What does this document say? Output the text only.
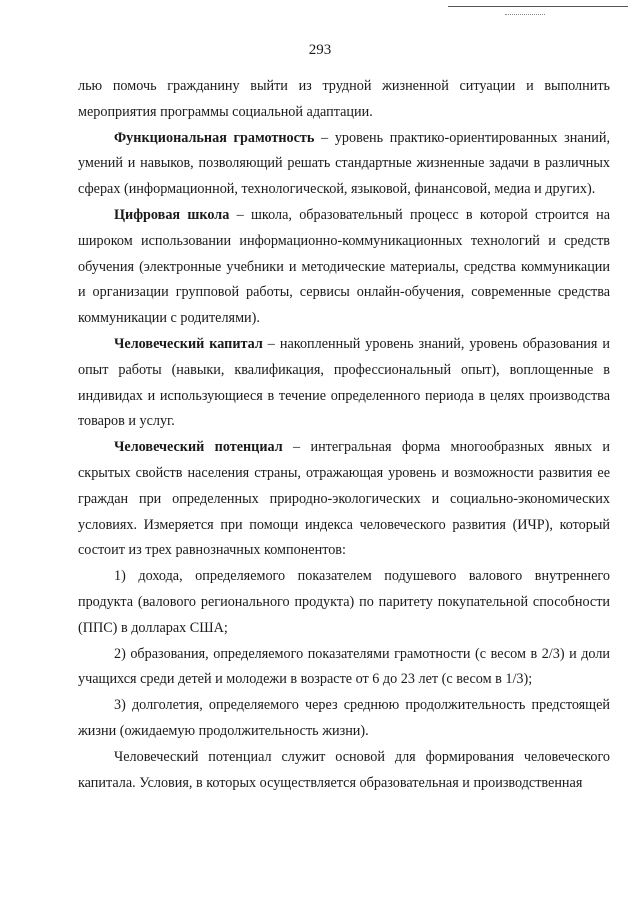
293

лью помочь гражданину выйти из трудной жизненной ситуации и выполнить мероприятия программы социальной адаптации.

Функциональная грамотность – уровень практико-ориентированных знаний, умений и навыков, позволяющий решать стандартные жизненные задачи в различных сферах (информационной, технологической, языковой, финансовой, медиа и других).

Цифровая школа – школа, образовательный процесс в которой строится на широком использовании информационно-коммуникационных технологий и средств обучения (электронные учебники и методические материалы, средства коммуникации и организации групповой работы, сервисы онлайн-обучения, современные средства коммуникации с родителями).

Человеческий капитал – накопленный уровень знаний, уровень образования и опыт работы (навыки, квалификация, профессиональный опыт), воплощенные в индивидах и использующиеся в течение определенного периода в целях производства товаров и услуг.

Человеческий потенциал – интегральная форма многообразных явных и скрытых свойств населения страны, отражающая уровень и возможности развития ее граждан при определенных природно-экологических и социально-экономических условиях. Измеряется при помощи индекса человеческого развития (ИЧР), который состоит из трех равнозначных компонентов:

1) дохода, определяемого показателем подушевого валового внутреннего продукта (валового регионального продукта) по паритету покупательной способности (ППС) в долларах США;

2) образования, определяемого показателями грамотности (с весом в 2/3) и доли учащихся среди детей и молодежи в возрасте от 6 до 23 лет (с весом в 1/3);

3) долголетия, определяемого через среднюю продолжительность предстоящей жизни (ожидаемую продолжительность жизни).

Человеческий потенциал служит основой для формирования человеческого капитала. Условия, в которых осуществляется образовательная и производственная
